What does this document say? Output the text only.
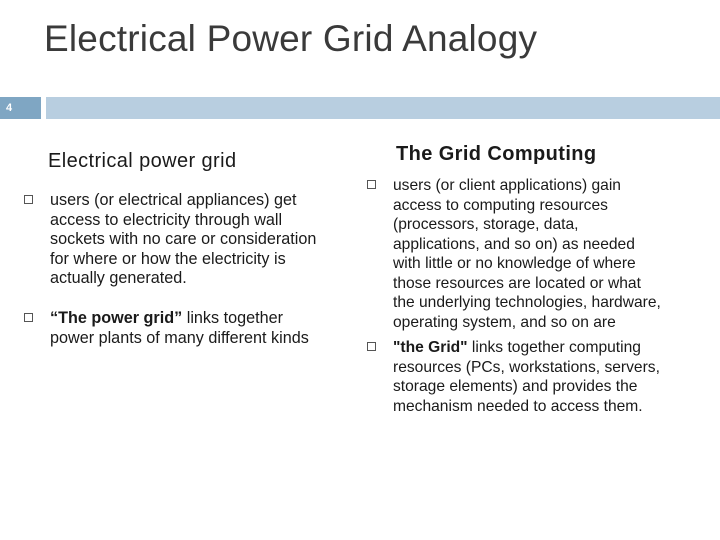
Electrical Power Grid Analogy
4
Electrical power grid	The Grid Computing
users (or electrical appliances) get
access to electricity through wall
sockets with no care or consideration
for where or how the electricity is
actually generated.
“The power grid” links together
power plants of many different kinds
users (or client applications) gain
access to computing resources
(processors, storage, data,
applications, and so on) as needed
with little or no knowledge of where
those resources are located or what
the underlying technologies, hardware,
operating system, and so on are
"the Grid" links together computing
resources (PCs, workstations, servers,
storage elements) and provides the
mechanism needed to access them.
